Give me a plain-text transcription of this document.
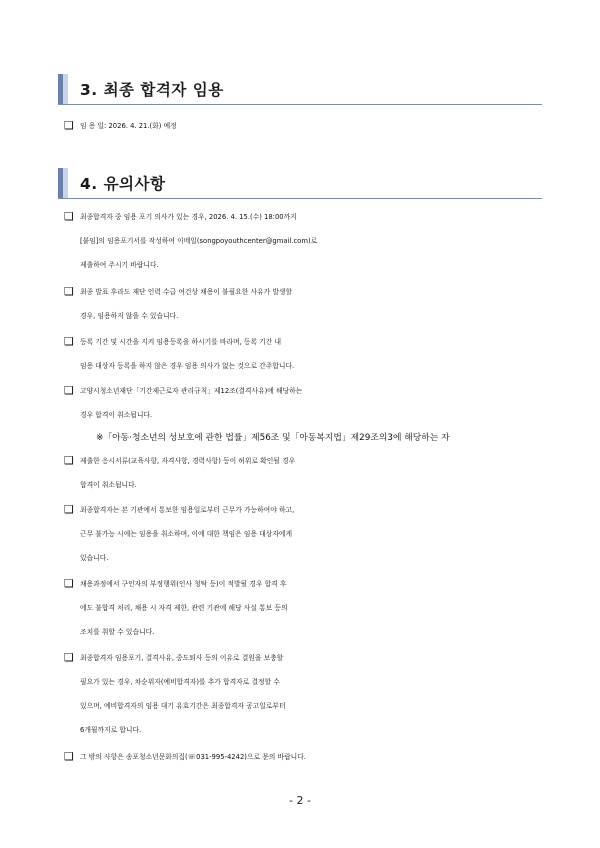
3. 최종 합격자 임용
❑ 임 용 일: 2026. 4. 21.(화) 예정
4. 유의사항
❑ 최종합격자 중 임용 포기 의사가 있는 경우, 2026. 4. 15.(수) 18:00까지
[붙임]의 임용포기서를 작성하여 이메일(songpoyouthcenter@gmail.com)로
제출하여 주시기 바랍니다.
❑ 최종 발표 후라도 재단 인력 수급 여건상 채용이 불필요한 사유가 발생할
경우, 임용하지 않을 수 있습니다.
❑ 등록 기간 및 시간을 지켜 임용등록을 하시기를 바라며, 등록 기간 내
임용 대상자 등록을 하지 않은 경우 임용 의사가 없는 것으로 간주합니다.
❑ 고양시청소년재단「기간제근로자 관리규칙」제12조(결격사유)에 해당하는
경우 합격이 취소됩니다.
※「아동·청소년의 성보호에 관한 법률」제56조 및「아동복지법」제29조의3에 해당하는 자
❑ 제출한 응시서류(교육사항, 자격사항, 경력사항) 등이 허위로 확인될 경우
합격이 취소됩니다.
❑ 최종합격자는 본 기관에서 통보한 임용일로부터 근무가 가능하여야 하고,
근무 불가능 시에는 임용을 취소하며, 이에 대한 책임은 임용 대상자에게
있습니다.
❑ 채용과정에서 구인자의 부정행위(인사 청탁 등)이 적발될 경우 합격 후
에도 불합격 처리, 채용 시 자격 제한, 관련 기관에 해당 사실 통보 등의
조치를 취할 수 있습니다.
❑ 최종합격자 임용포기, 결격사유, 중도퇴사 등의 이유로 결원을 보충할
필요가 있는 경우, 차순위자(예비합격자)를 추가 합격자로 결정할 수
있으며, 예비합격자의 임용 대기 유효기간은 최종합격자 공고일로부터
6개월까지로 합니다.
❑ 그 밖의 사항은 송포청소년문화의집(☏031-995-4242)으로 문의 바랍니다.
- 2 -
